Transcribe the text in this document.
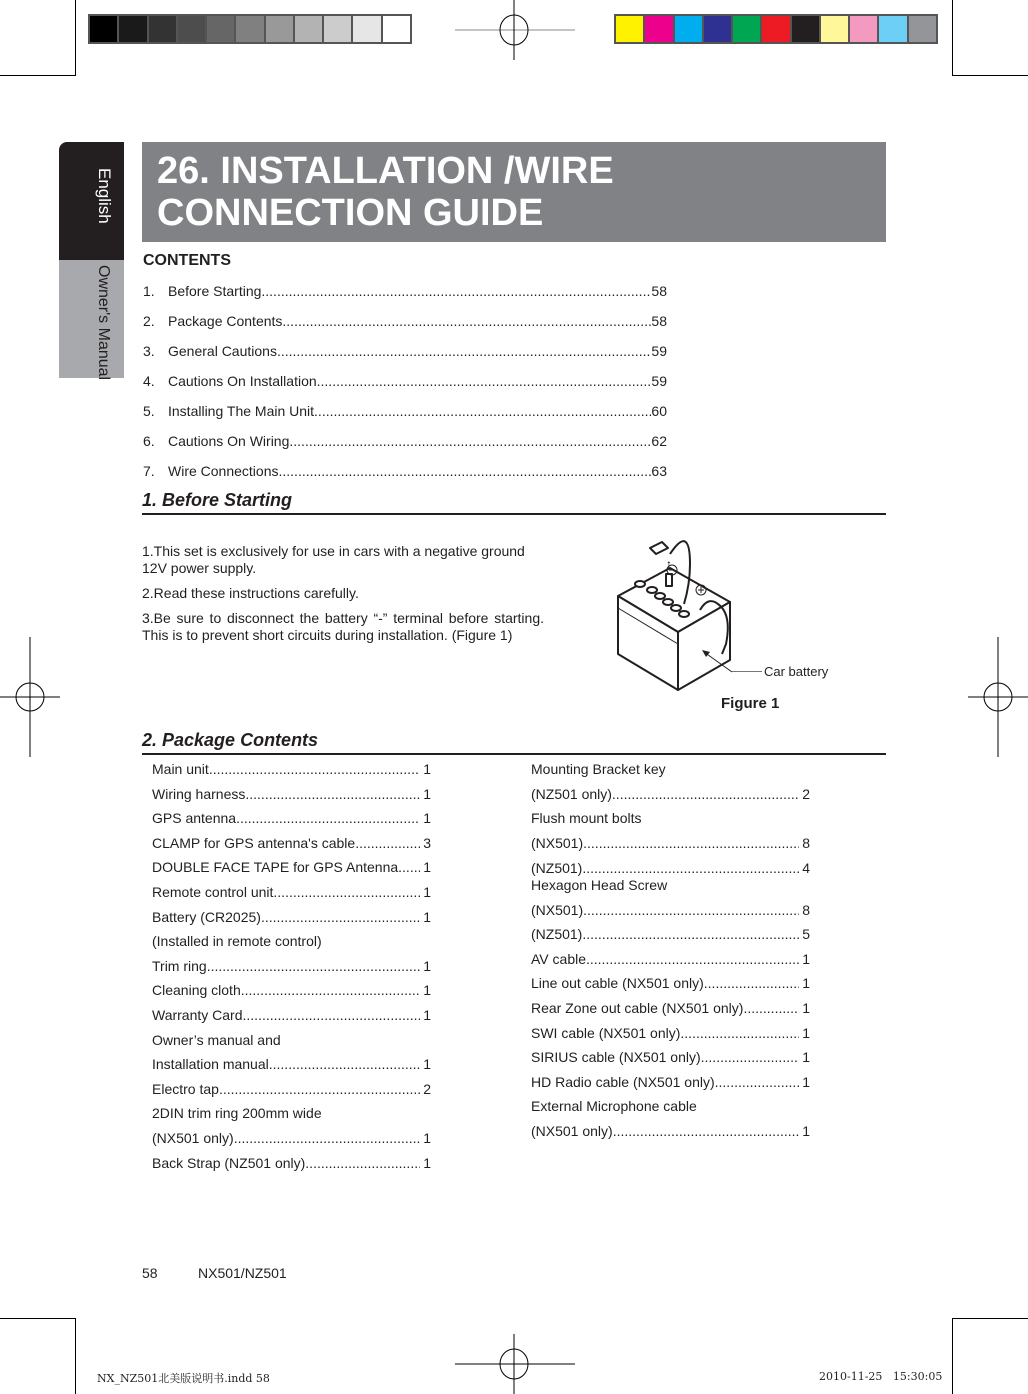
English
Owner's Manual
26. INSTALLATION /WIRE
CONNECTION GUIDE
CONTENTS
1. Before Starting .....	58
2. Package Contents .....	58
3. General Cautions .....	59
4. Cautions On Installation .....	59
5. Installing The Main Unit .....	60
6. Cautions On Wiring .....	62
7. Wire Connections .....	63
1. Before Starting
1.This set is exclusively for use in cars with a negative ground 12V power supply.
2.Read these instructions carefully.
3.Be sure to disconnect the battery “-” terminal before starting. This is to prevent short circuits during installation. (Figure 1)
↑
Car battery
Figure 1
2. Package Contents
Main unit .....	1
Wiring harness .....	1
GPS antenna .....	1
CLAMP for GPS antenna's cable .....	3
DOUBLE FACE TAPE for GPS Antenna ..... 1
Remote control unit .....	1
Battery (CR2025) .....	1
(Installed in remote control)
Trim ring .....	1
Cleaning cloth .....	1
Warranty Card .....	1
Owner’s manual and
Installation manual. .....	1
Electro tap .....	2
2DIN trim ring 200mm wide
(NX501 only) .....	1
Back Strap (NZ501 only) .....	1
Mounting Bracket key
(NZ501 only) .....	2
Flush mount bolts
(NX501) .....	8
(NZ501) .....	4
Hexagon Head Screw
(NX501) .....	8
(NZ501) .....	5
AV cable .....	1
Line out cable (NX501 only) .....	1
Rear Zone out cable (NX501 only) .....	1
SWI cable (NX501 only) .....	1
SIRIUS cable (NX501 only) .....	1
HD Radio cable (NX501 only) .....	1
External Microphone cable
(NX501 only) .....	1
58	NX501/NZ501
NX_NZ501北美版说明书.indd 58	2010-11-25   15:30:05
